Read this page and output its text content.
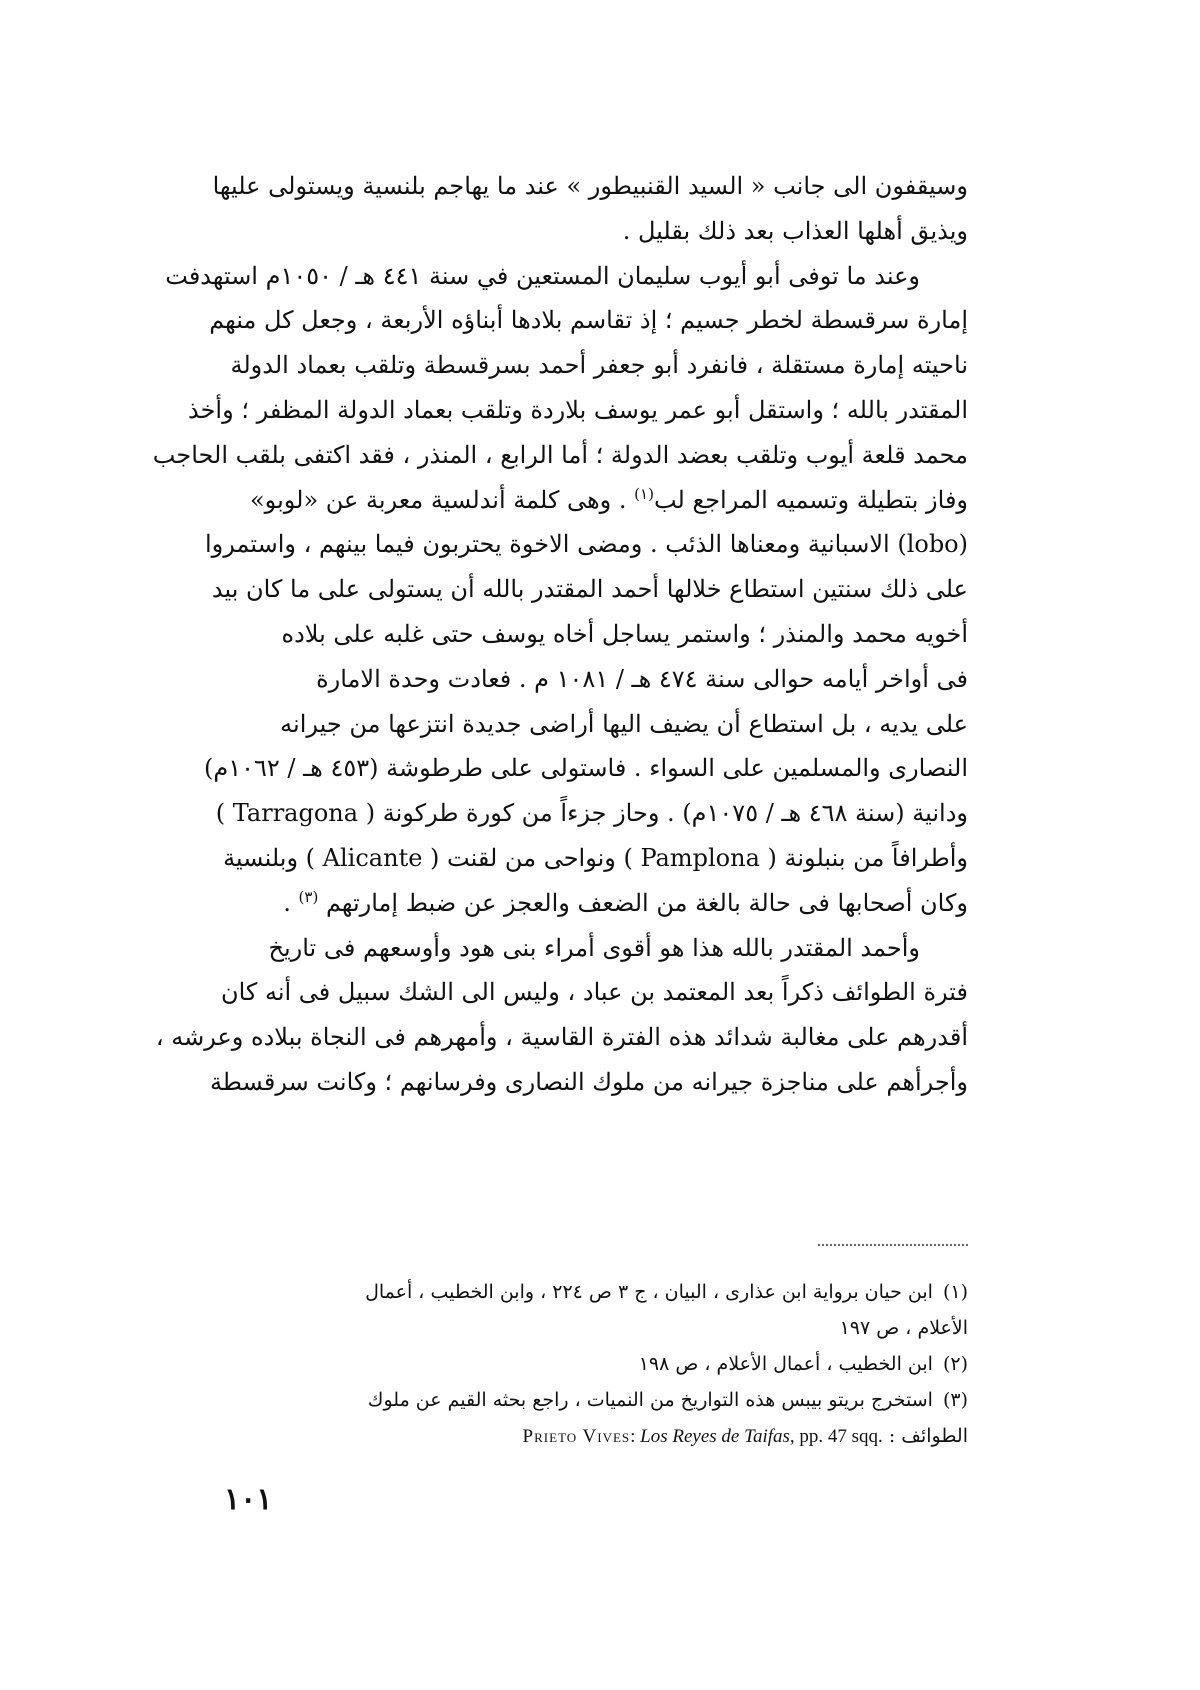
وسيقفون الى جانب « السيد القنبيطور » عند ما يهاجم بلنسية ويستولى عليها
ويذيق أهلها العذاب بعد ذلك بقليل .
وعند ما توفى أبو أيوب سليمان المستعين في سنة ٤٤١ هـ / ١٠٥٠م استهدفت
إمارة سرقسطة لخطر جسيم ؛ إذ تقاسم بلادها أبناؤه الأربعة ، وجعل كل منهم
ناحيته إمارة مستقلة ، فانفرد أبو جعفر أحمد بسرقسطة وتلقب بعماد الدولة
المقتدر بالله ؛ واستقل أبو عمر يوسف بلاردة وتلقب بعماد الدولة المظفر ؛ وأخذ
محمد قلعة أيوب وتلقب بعضد الدولة ؛ أما الرابع ، المنذر ، فقد اكتفى بلقب الحاجب
وفاز بتطيلة وتسميه المراجع لب$^{(١)}$ . وهى كلمة أندلسية معربة عن «لوبو»
(lobo) الاسبانية ومعناها الذئب . ومضى الاخوة يحتربون فيما بينهم ، واستمروا
على ذلك سنتين استطاع خلالها أحمد المقتدر بالله أن يستولى على ما كان بيد
أخويه محمد والمنذر ؛ واستمر يساجل أخاه يوسف حتى غلبه على بلاده
فى أواخر أيامه حوالى سنة ٤٧٤ هـ / ١٠٨١ م . فعادت وحدة الامارة
على يديه ، بل استطاع أن يضيف اليها أراضى جديدة انتزعها من جيرانه
النصارى والمسلمين على السواء . فاستولى على طرطوشة (٤٥٣ هـ / ١٠٦٢م)
ودانية (سنة ٤٦٨ هـ / ١٠٧٥م) . وحاز جزءاً من كورة طركونة ( Tarragona )
وأطرافاً من بنبلونة ( Pamplona ) ونواحى من لقنت ( Alicante ) وبلنسية
وكان أصحابها فى حالة بالغة من الضعف والعجز عن ضبط إمارتهم $^{(٣)}$ .
وأحمد المقتدر بالله هذا هو أقوى أمراء بنى هود وأوسعهم فى تاريخ
فترة الطوائف ذكراً بعد المعتمد بن عباد ، وليس الى الشك سبيل فى أنه كان
أقدرهم على مغالبة شدائد هذه الفترة القاسية ، وأمهرهم فى النجاة ببلاده وعرشه ،
وأجرأهم على مناجزة جيرانه من ملوك النصارى وفرسانهم ؛ وكانت سرقسطة
(١)ابن حيان برواية ابن عذارى ، البيان ، ج ٣ ص ٢٢٤ ، وابن الخطيب ، أعمال
الأعلام ، ص ١٩٧
(٢)ابن الخطيب ، أعمال الأعلام ، ص ١٩٨
(٣)استخرج بريتو بيبس هذه التواريخ من النميات ، راجع بحثه القيم عن ملوك
الطوائف : Prieto Vives: Los Reyes de Taifas, pp. 47 sqq.
١٠١
